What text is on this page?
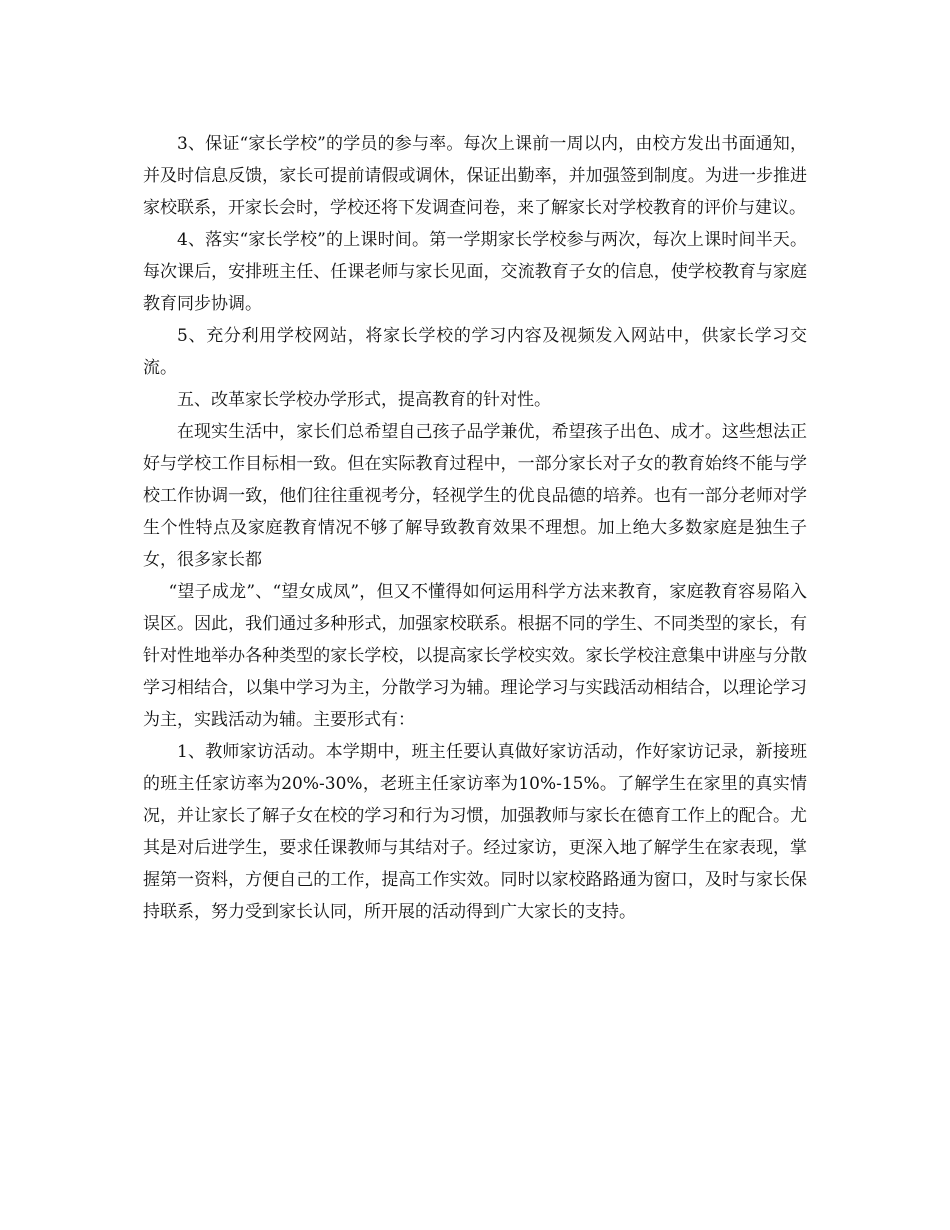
3、保证“家长学校”的学员的参与率。每次上课前一周以内，由校方发出书面通知，并及时信息反馈，家长可提前请假或调休，保证出勤率，并加强签到制度。为进一步推进家校联系，开家长会时，学校还将下发调查问卷，来了解家长对学校教育的评价与建议。

4、落实“家长学校”的上课时间。第一学期家长学校参与两次，每次上课时间半天。每次课后，安排班主任、任课老师与家长见面，交流教育子女的信息，使学校教育与家庭教育同步协调。

5、充分利用学校网站，将家长学校的学习内容及视频发入网站中，供家长学习交流。

五、改革家长学校办学形式，提高教育的针对性。

在现实生活中，家长们总希望自己孩子品学兼优，希望孩子出色、成才。这些想法正好与学校工作目标相一致。但在实际教育过程中，一部分家长对子女的教育始终不能与学校工作协调一致，他们往往重视考分，轻视学生的优良品德的培养。也有一部分老师对学生个性特点及家庭教育情况不够了解导致教育效果不理想。加上绝大多数家庭是独生子女，很多家长都

“望子成龙”、“望女成凤”，但又不懂得如何运用科学方法来教育，家庭教育容易陷入误区。因此，我们通过多种形式，加强家校联系。根据不同的学生、不同类型的家长，有针对性地举办各种类型的家长学校，以提高家长学校实效。家长学校注意集中讲座与分散学习相结合，以集中学习为主，分散学习为辅。理论学习与实践活动相结合，以理论学习为主，实践活动为辅。主要形式有：

1、教师家访活动。本学期中，班主任要认真做好家访活动，作好家访记录，新接班的班主任家访率为20%-30%，老班主任家访率为10%-15%。了解学生在家里的真实情况，并让家长了解子女在校的学习和行为习惯，加强教师与家长在德育工作上的配合。尤其是对后进学生，要求任课教师与其结对子。经过家访，更深入地了解学生在家表现，掌握第一资料，方便自己的工作，提高工作实效。同时以家校路路通为窗口，及时与家长保持联系，努力受到家长认同，所开展的活动得到广大家长的支持。
